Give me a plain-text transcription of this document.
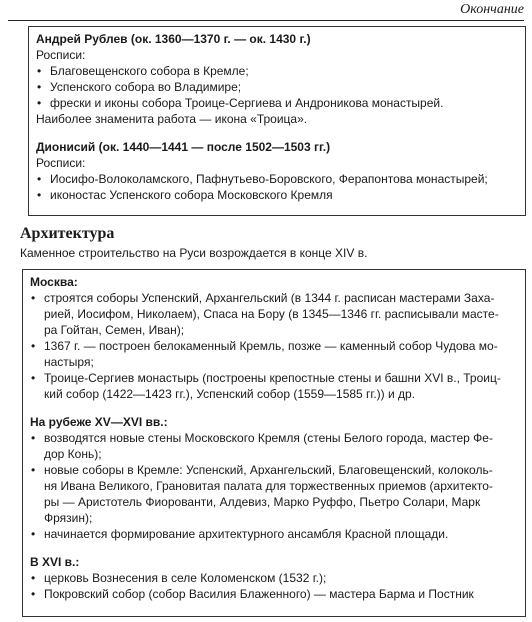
Окончание
Андрей Рублев (ок. 1360—1370 г. — ок. 1430 г.)
Росписи:
• Благовещенского собора в Кремле;
• Успенского собора во Владимире;
• фрески и иконы собора Троице-Сергиева и Андроникова монастырей.
Наиболее знаменита работа — икона «Троица».
Дионисий (ок. 1440—1441 — после 1502—1503 гг.)
Росписи:
• Иосифо-Волоколамского, Пафнутьево-Боровского, Ферапонтова монастырей;
• иконостас Успенского собора Московского Кремля
Архитектура
Каменное строительство на Руси возрождается в конце XIV в.
Москва:
• строятся соборы Успенский, Архангельский (в 1344 г. расписан мастерами Заха-
рией, Иосифом, Николаем), Спаса на Бору (в 1345—1346 гг. расписывали масте-
ра Гойтан, Семен, Иван);
• 1367 г. — построен белокаменный Кремль, позже — каменный собор Чудова мо-
настыря;
• Троице-Сергиев монастырь (построены крепостные стены и башни XVI в., Троиц-
кий собор (1422—1423 гг.), Успенский собор (1559—1585 гг.)) и др.
На рубеже XV—XVI вв.:
• возводятся новые стены Московского Кремля (стены Белого города, мастер Фе-
дор Конь);
• новые соборы в Кремле: Успенский, Архангельский, Благовещенский, колоколь-
ня Ивана Великого, Грановитая палата для торжественных приемов (архитекто-
ры — Аристотель Фиорованти, Алдевиз, Марко Руффо, Пьетро Солари, Марк
Фрязин);
• начинается формирование архитектурного ансамбля Красной площади.
В XVI в.:
• церковь Вознесения в селе Коломенском (1532 г.);
• Покровский собор (собор Василия Блаженного) — мастера Барма и Постник
